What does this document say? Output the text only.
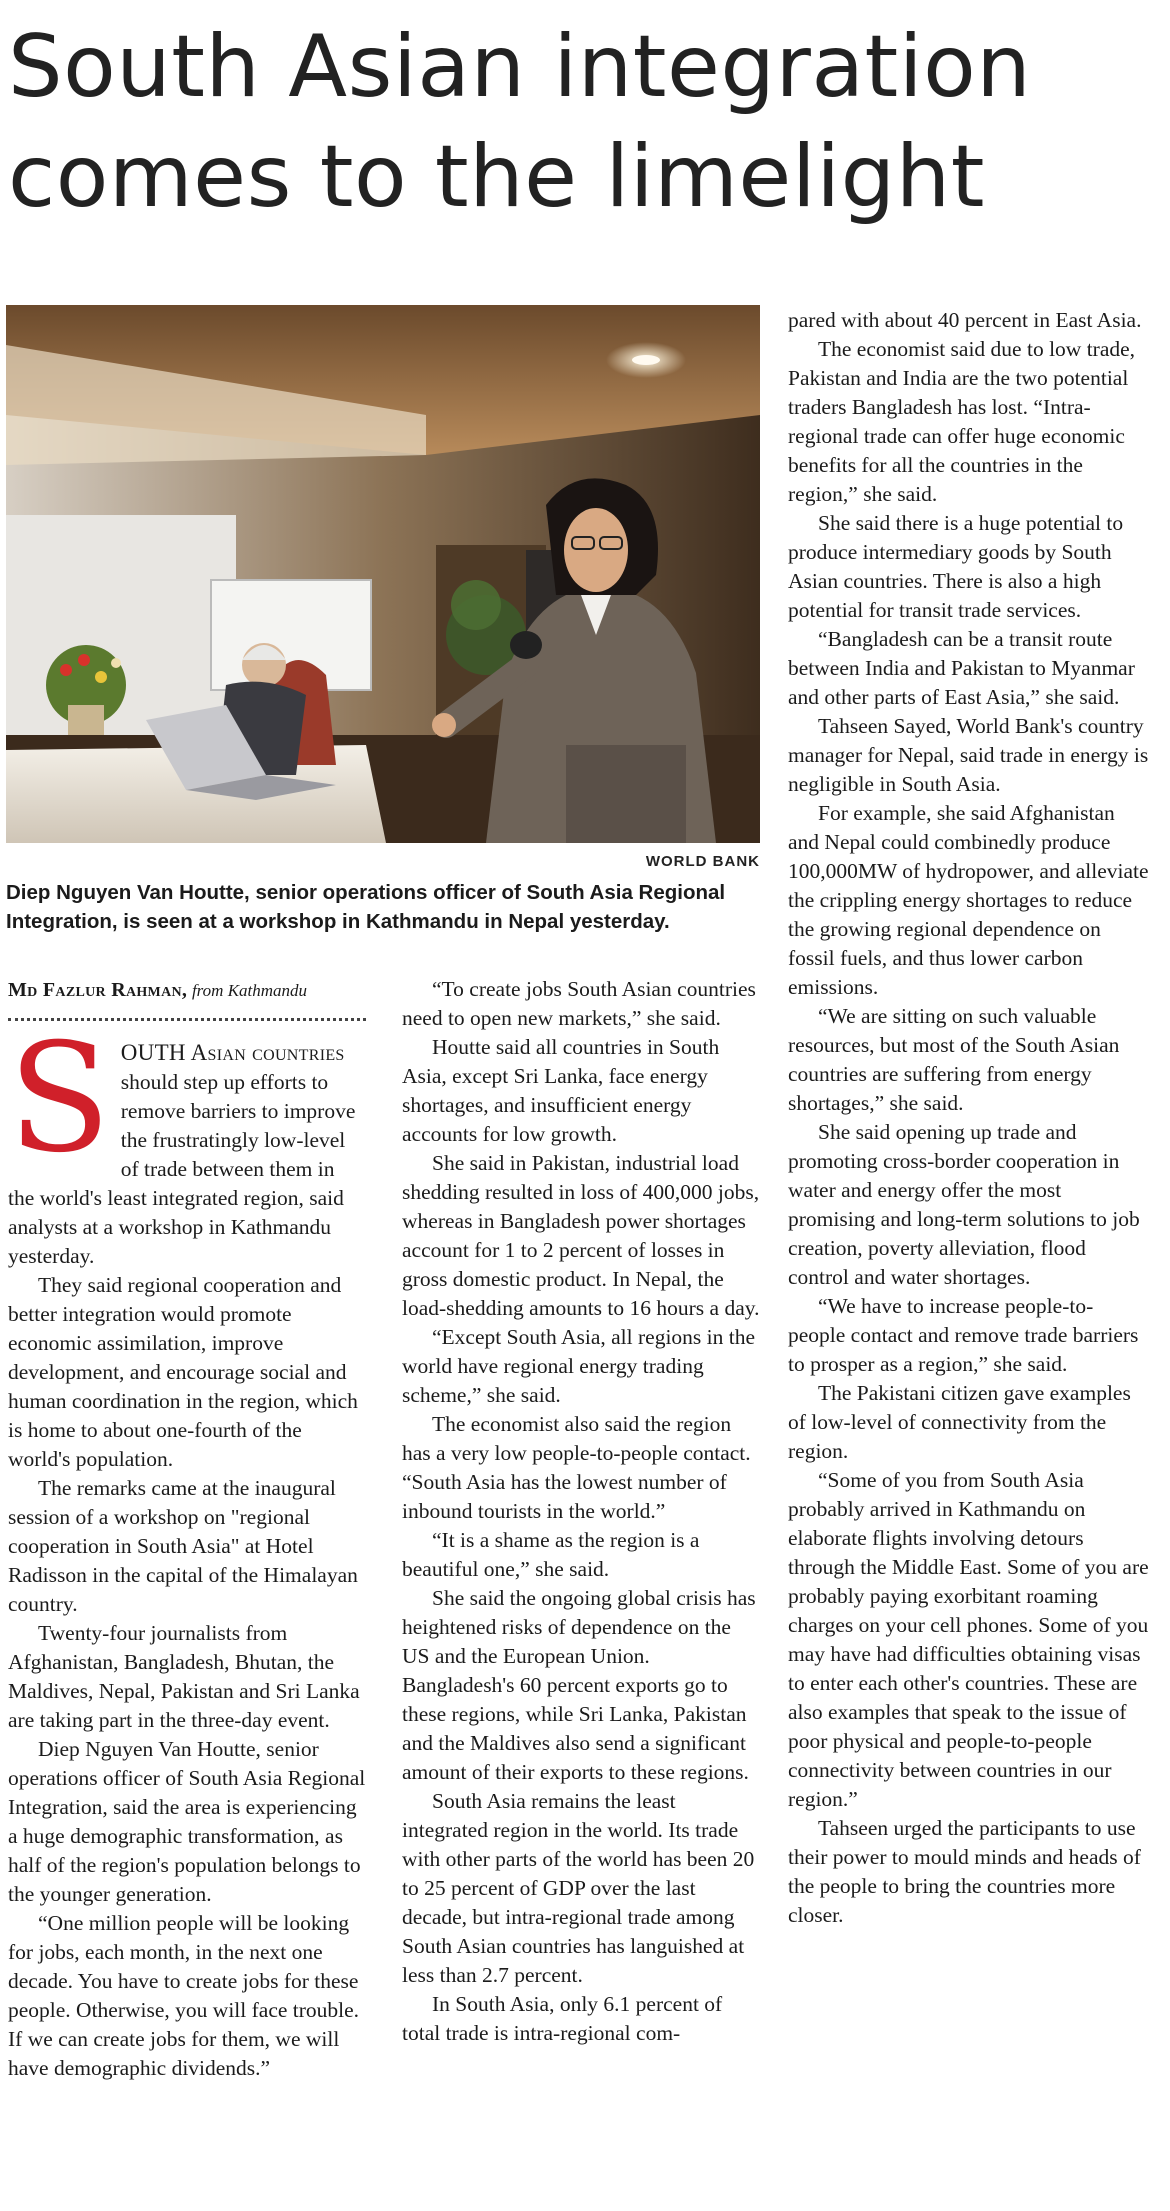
South Asian integration comes to the limelight
WORLD BANK

Diep Nguyen Van Houtte, senior operations officer of South Asia Regional Integration, is seen at a workshop in Kathmandu in Nepal yesterday.

Md Fazlur Rahman, from Kathmandu

SOUTH Asian countries should step up efforts to remove barriers to improve the frustratingly low-level of trade between them in the world's least integrated region, said analysts at a workshop in Kathmandu yesterday.

They said regional cooperation and better integration would promote economic assimilation, improve development, and encourage social and human coordination in the region, which is home to about one-fourth of the world's population.

The remarks came at the inaugural session of a workshop on "regional cooperation in South Asia" at Hotel Radisson in the capital of the Himalayan country.

Twenty-four journalists from Afghanistan, Bangladesh, Bhutan, the Maldives, Nepal, Pakistan and Sri Lanka are taking part in the three-day event.

Diep Nguyen Van Houtte, senior operations officer of South Asia Regional Integration, said the area is experiencing a huge demographic transformation, as half of the region's population belongs to the younger generation.

“One million people will be looking for jobs, each month, in the next one decade. You have to create jobs for these people. Otherwise, you will face trouble. If we can create jobs for them, we will have demographic dividends.”

“To create jobs South Asian countries need to open new markets,” she said.

Houtte said all countries in South Asia, except Sri Lanka, face energy shortages, and insufficient energy accounts for low growth.

She said in Pakistan, industrial load shedding resulted in loss of 400,000 jobs, whereas in Bangladesh power shortages account for 1 to 2 percent of losses in gross domestic product. In Nepal, the load-shedding amounts to 16 hours a day.

“Except South Asia, all regions in the world have regional energy trading scheme,” she said.

The economist also said the region has a very low people-to-people contact. “South Asia has the lowest number of inbound tourists in the world.”

“It is a shame as the region is a beautiful one,” she said.

She said the ongoing global crisis has heightened risks of dependence on the US and the European Union. Bangladesh's 60 percent exports go to these regions, while Sri Lanka, Pakistan and the Maldives also send a significant amount of their exports to these regions.

South Asia remains the least integrated region in the world. Its trade with other parts of the world has been 20 to 25 percent of GDP over the last decade, but intra-regional trade among South Asian countries has languished at less than 2.7 percent.

In South Asia, only 6.1 percent of total trade is intra-regional com-

pared with about 40 percent in East Asia.

The economist said due to low trade, Pakistan and India are the two potential traders Bangladesh has lost. “Intra-regional trade can offer huge economic benefits for all the countries in the region,” she said.

She said there is a huge potential to produce intermediary goods by South Asian countries. There is also a high potential for transit trade services.

“Bangladesh can be a transit route between India and Pakistan to Myanmar and other parts of East Asia,” she said.

Tahseen Sayed, World Bank's country manager for Nepal, said trade in energy is negligible in South Asia.

For example, she said Afghanistan and Nepal could combinedly produce 100,000MW of hydropower, and alleviate the crippling energy shortages to reduce the growing regional dependence on fossil fuels, and thus lower carbon emissions.

“We are sitting on such valuable resources, but most of the South Asian countries are suffering from energy shortages,” she said.

She said opening up trade and promoting cross-border cooperation in water and energy offer the most promising and long-term solutions to job creation, poverty alleviation, flood control and water shortages.

“We have to increase people-to-people contact and remove trade barriers to prosper as a region,” she said.

The Pakistani citizen gave examples of low-level of connectivity from the region.

“Some of you from South Asia probably arrived in Kathmandu on elaborate flights involving detours through the Middle East. Some of you are probably paying exorbitant roaming charges on your cell phones. Some of you may have had difficulties obtaining visas to enter each other's countries. These are also examples that speak to the issue of poor physical and people-to-people connectivity between countries in our region.”

Tahseen urged the participants to use their power to mould minds and heads of the people to bring the countries more closer.
